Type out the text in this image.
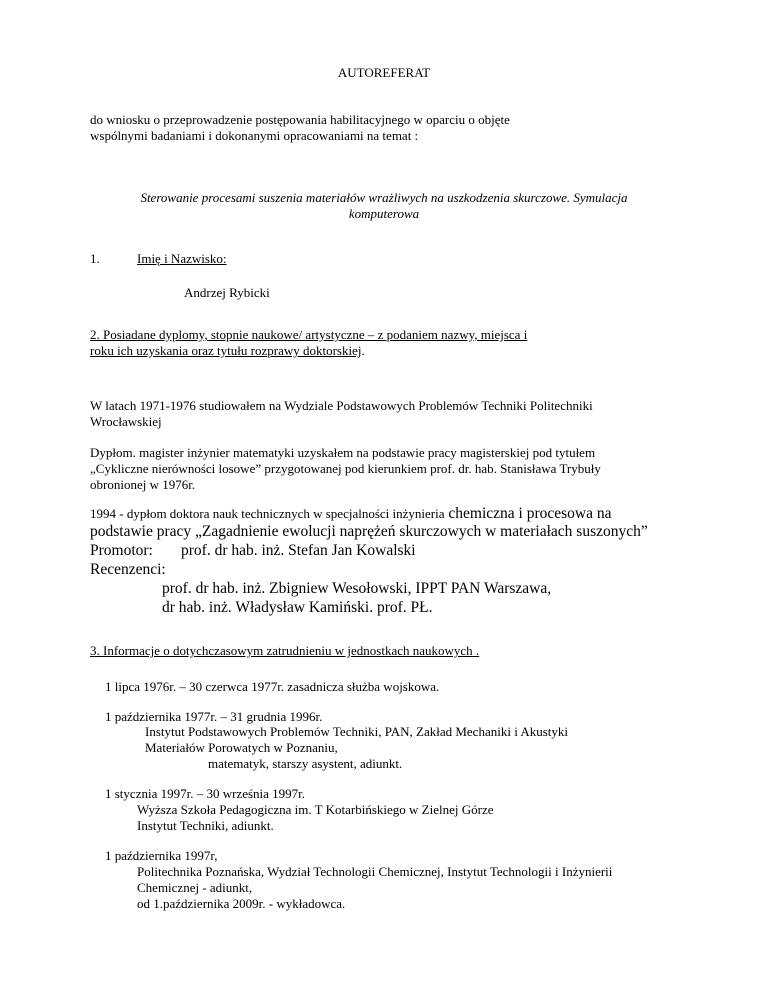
AUTOREFERAT
do wniosku o przeprowadzenie postępowania habilitacyjnego w oparciu o objęte
wspólnymi badaniami i dokonanymi opracowaniami na temat :
Sterowanie procesami suszenia materiałów wrażliwych na uszkodzenia skurczowe. Symulacja
komputerowa
1.	Imię i Nazwisko:
Andrzej Rybicki
2. Posiadane dyplomy, stopnie naukowe/ artystyczne – z podaniem nazwy, miejsca i
roku ich uzyskania oraz tytułu rozprawy doktorskiej.
W latach 1971-1976 studiowałem na Wydziale Podstawowych Problemów Techniki Politechniki
Wrocławskiej
Dypłom. magister inżynier matematyki uzyskałem na podstawie pracy magisterskiej pod tytułem
„Cykliczne nierówności losowe” przygotowanej pod kierunkiem prof. dr. hab. Stanisława Trybuły
obronionej w 1976r.
1994 - dypłom doktora nauk technicznych w specjalności inżynieria chemiczna i procesowa na
podstawie pracy „Zagadnienie ewolucji naprężeń skurczowych w materiałach suszonych”
Promotor: prof. dr hab. inż. Stefan Jan Kowalski
Recenzenci:
prof. dr hab. inż. Zbigniew Wesołowski, IPPT PAN Warszawa,
dr hab. inż. Władysław Kamiński. prof. PŁ.
3. Informacje o dotychczasowym zatrudnieniu w jednostkach naukowych .
1 lipca 1976r. – 30 czerwca 1977r. zasadnicza służba wojskowa.
1 października 1977r. – 31 grudnia 1996r.
Instytut Podstawowych Problemów Techniki, PAN, Zakład Mechaniki i Akustyki
Materiałów Porowatych w Poznaniu,
matematyk, starszy asystent, adiunkt.
1 stycznia 1997r. – 30 września 1997r.
Wyższa Szkoła Pedagogiczna im. T Kotarbińskiego w Zielnej Górze
Instytut Techniki, adiunkt.
1 października 1997r,
Politechnika Poznańska, Wydział Technologii Chemicznej, Instytut Technologii i Inżynierii
Chemicznej - adiunkt,
od 1.października 2009r. - wykładowca.
